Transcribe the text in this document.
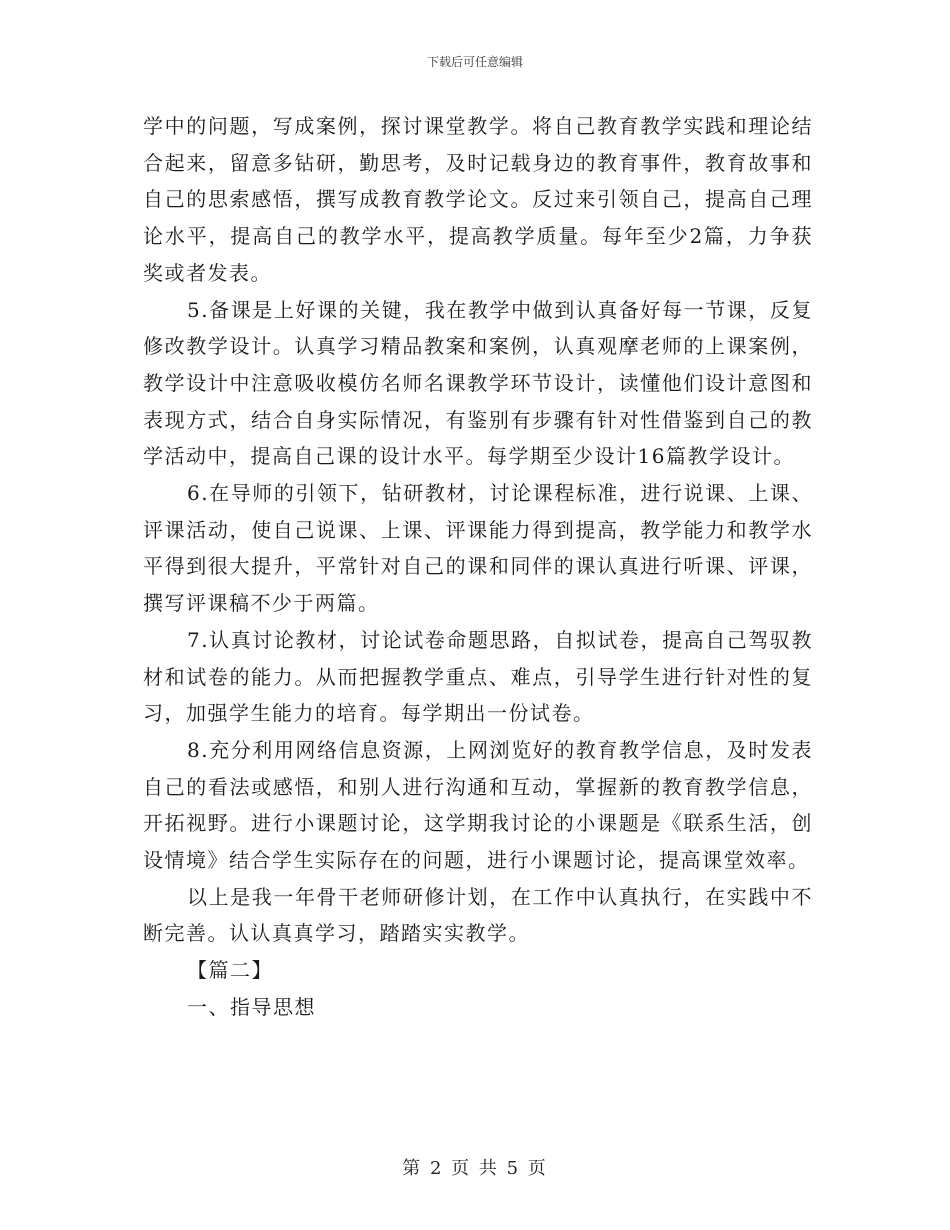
下载后可任意编辑

学中的问题，写成案例，探讨课堂教学。将自己教育教学实践和理论结合起来，留意多钻研，勤思考，及时记载身边的教育事件，教育故事和自己的思索感悟，撰写成教育教学论文。反过来引领自己，提高自己理论水平，提高自己的教学水平，提高教学质量。每年至少2篇，力争获奖或者发表。

5.备课是上好课的关键，我在教学中做到认真备好每一节课，反复修改教学设计。认真学习精品教案和案例，认真观摩老师的上课案例，教学设计中注意吸收模仿名师名课教学环节设计，读懂他们设计意图和表现方式，结合自身实际情况，有鉴别有步骤有针对性借鉴到自己的教学活动中，提高自己课的设计水平。每学期至少设计16篇教学设计。

6.在导师的引领下，钻研教材，讨论课程标准，进行说课、上课、评课活动，使自己说课、上课、评课能力得到提高，教学能力和教学水平得到很大提升，平常针对自己的课和同伴的课认真进行听课、评课，撰写评课稿不少于两篇。

7.认真讨论教材，讨论试卷命题思路，自拟试卷，提高自己驾驭教材和试卷的能力。从而把握教学重点、难点，引导学生进行针对性的复习，加强学生能力的培育。每学期出一份试卷。

8.充分利用网络信息资源，上网浏览好的教育教学信息，及时发表自己的看法或感悟，和别人进行沟通和互动，掌握新的教育教学信息，开拓视野。进行小课题讨论，这学期我讨论的小课题是《联系生活，创设情境》结合学生实际存在的问题，进行小课题讨论，提高课堂效率。

以上是我一年骨干老师研修计划，在工作中认真执行，在实践中不断完善。认认真真学习，踏踏实实教学。

【篇二】

一、指导思想

第 2 页 共 5 页
